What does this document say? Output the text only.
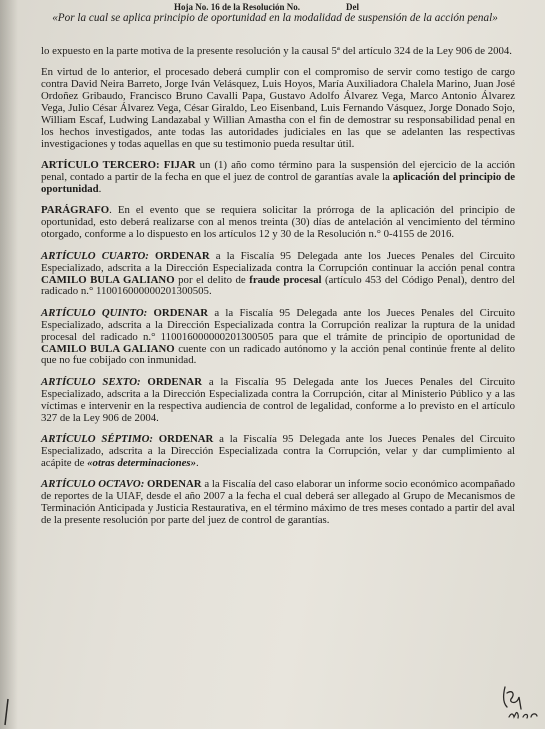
Hoja No. 16 de la Resolución No.	Del
«Por la cual se aplica principio de oportunidad en la modalidad de suspensión de la acción penal»

lo expuesto en la parte motiva de la presente resolución y la causal 5ª del artículo 324 de la Ley 906 de 2004.

En virtud de lo anterior, el procesado deberá cumplir con el compromiso de servir como testigo de cargo contra David Neira Barreto, Jorge Iván Velásquez, Luis Hoyos, María Auxiliadora Chalela Marino, Juan José Ordoñez Gribaudo, Francisco Bruno Cavalli Papa, Gustavo Adolfo Álvarez Vega, Marco Antonio Álvarez Vega, Julio César Álvarez Vega, César Giraldo, Leo Eisenband, Luis Fernando Vásquez, Jorge Donado Sojo, William Escaf, Ludwing Landazabal y Willian Amastha con el fin de demostrar su responsabilidad penal en los hechos investigados, ante todas las autoridades judiciales en las que se adelanten las respectivas investigaciones y todas aquellas en que su testimonio pueda resultar útil.

ARTÍCULO TERCERO: FIJAR un (1) año como término para la suspensión del ejercicio de la acción penal, contado a partir de la fecha en que el juez de control de garantías avale la aplicación del principio de oportunidad.

PARÁGRAFO. En el evento que se requiera solicitar la prórroga de la aplicación del principio de oportunidad, esto deberá realizarse con al menos treinta (30) días de antelación al vencimiento del término otorgado, conforme a lo dispuesto en los artículos 12 y 30 de la Resolución n.° 0-4155 de 2016.

ARTÍCULO CUARTO: ORDENAR a la Fiscalía 95 Delegada ante los Jueces Penales del Circuito Especializado, adscrita a la Dirección Especializada contra la Corrupción continuar la acción penal contra CAMILO BULA GALIANO por el delito de fraude procesal (artículo 453 del Código Penal), dentro del radicado n.° 110016000000201300505.

ARTÍCULO QUINTO: ORDENAR a la Fiscalía 95 Delegada ante los Jueces Penales del Circuito Especializado, adscrita a la Dirección Especializada contra la Corrupción realizar la ruptura de la unidad procesal del radicado n.° 110016000000201300505 para que el trámite de principio de oportunidad de CAMILO BULA GALIANO cuente con un radicado autónomo y la acción penal continúe frente al delito que no fue cobijado con inmunidad.

ARTÍCULO SEXTO: ORDENAR a la Fiscalía 95 Delegada ante los Jueces Penales del Circuito Especializado, adscrita a la Dirección Especializada contra la Corrupción, citar al Ministerio Público y a las víctimas e intervenir en la respectiva audiencia de control de legalidad, conforme a lo previsto en el artículo 327 de la Ley 906 de 2004.

ARTÍCULO SÉPTIMO: ORDENAR a la Fiscalía 95 Delegada ante los Jueces Penales del Circuito Especializado, adscrita a la Dirección Especializada contra la Corrupción, velar y dar cumplimiento al acápite de «otras determinaciones».

ARTÍCULO OCTAVO: ORDENAR a la Fiscalía del caso elaborar un informe socio económico acompañado de reportes de la UIAF, desde el año 2007 a la fecha el cual deberá ser allegado al Grupo de Mecanismos de Terminación Anticipada y Justicia Restaurativa, en el término máximo de tres meses contado a partir del aval de la presente resolución por parte del juez de control de garantías.
